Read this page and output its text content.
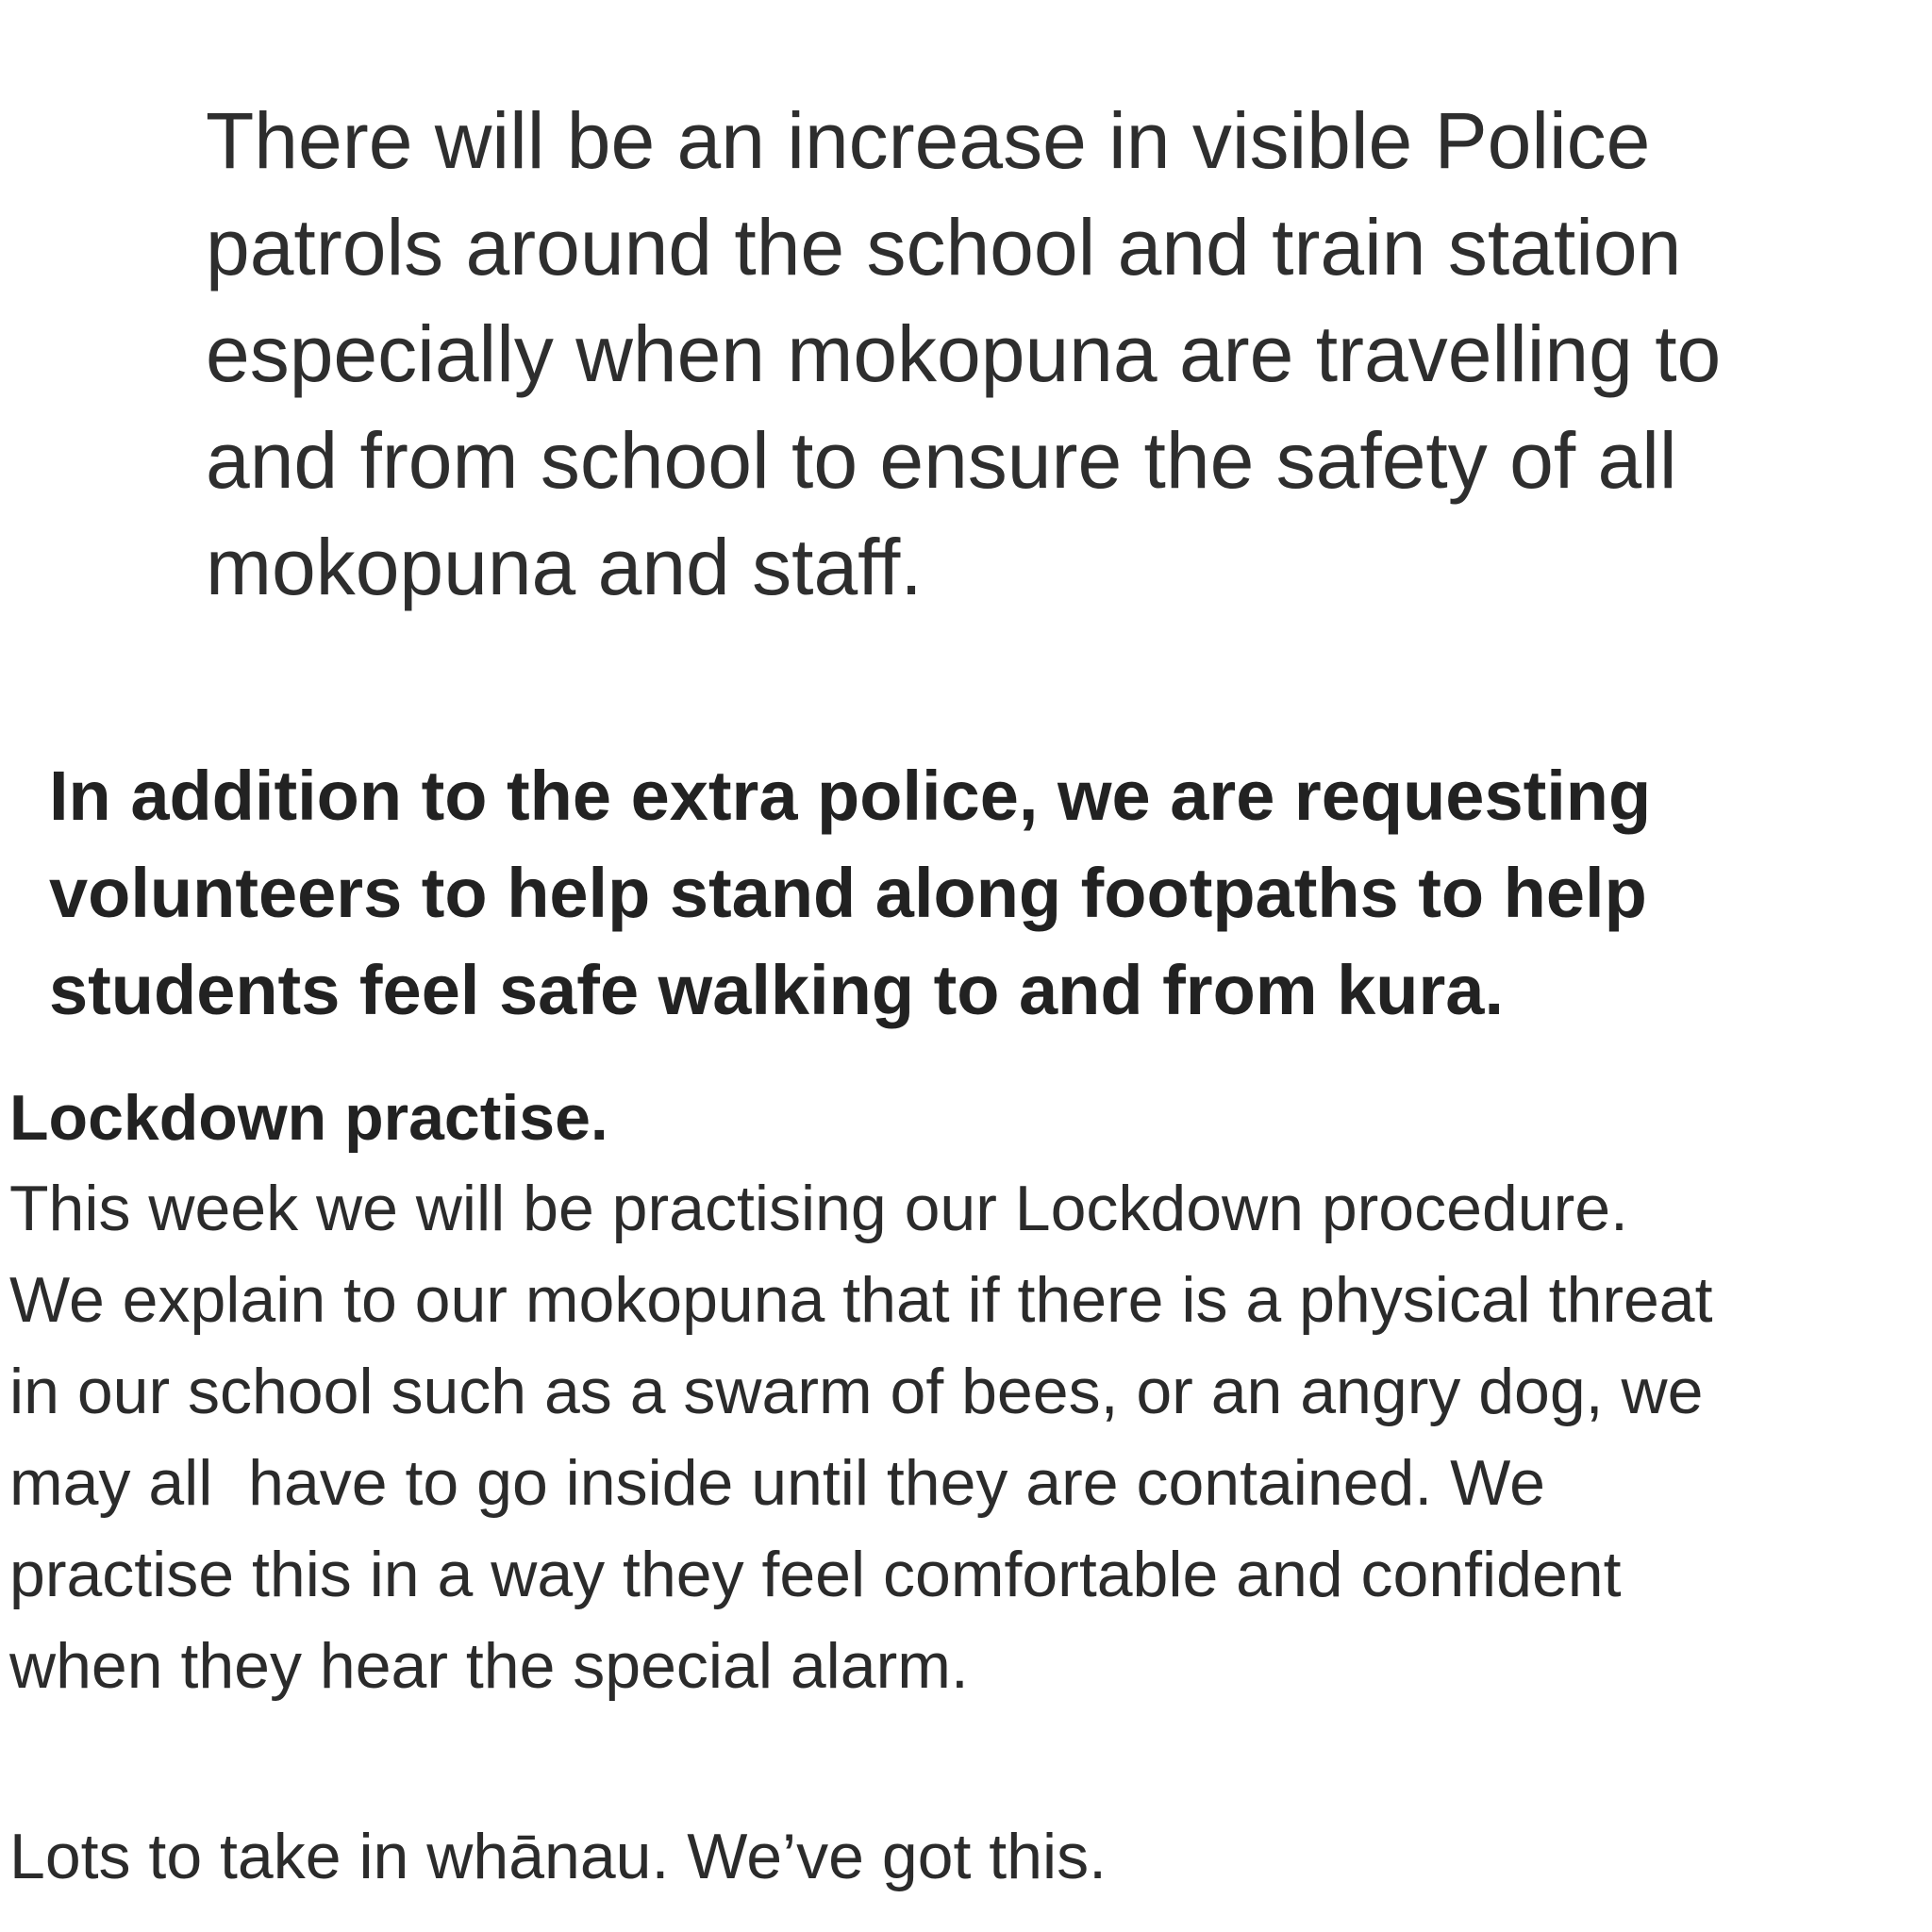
There will be an increase in visible Police
patrols around the school and train station
especially when mokopuna are travelling to
and from school to ensure the safety of all
mokopuna and staff.

In addition to the extra police, we are requesting
volunteers to help stand along footpaths to help
students feel safe walking to and from kura.

Lockdown practise.

This week we will be practising our Lockdown procedure.
We explain to our mokopuna that if there is a physical threat
in our school such as a swarm of bees, or an angry dog, we
may all  have to go inside until they are contained. We
practise this in a way they feel comfortable and confident
when they hear the special alarm.

Lots to take in whānau. We’ve got this.
